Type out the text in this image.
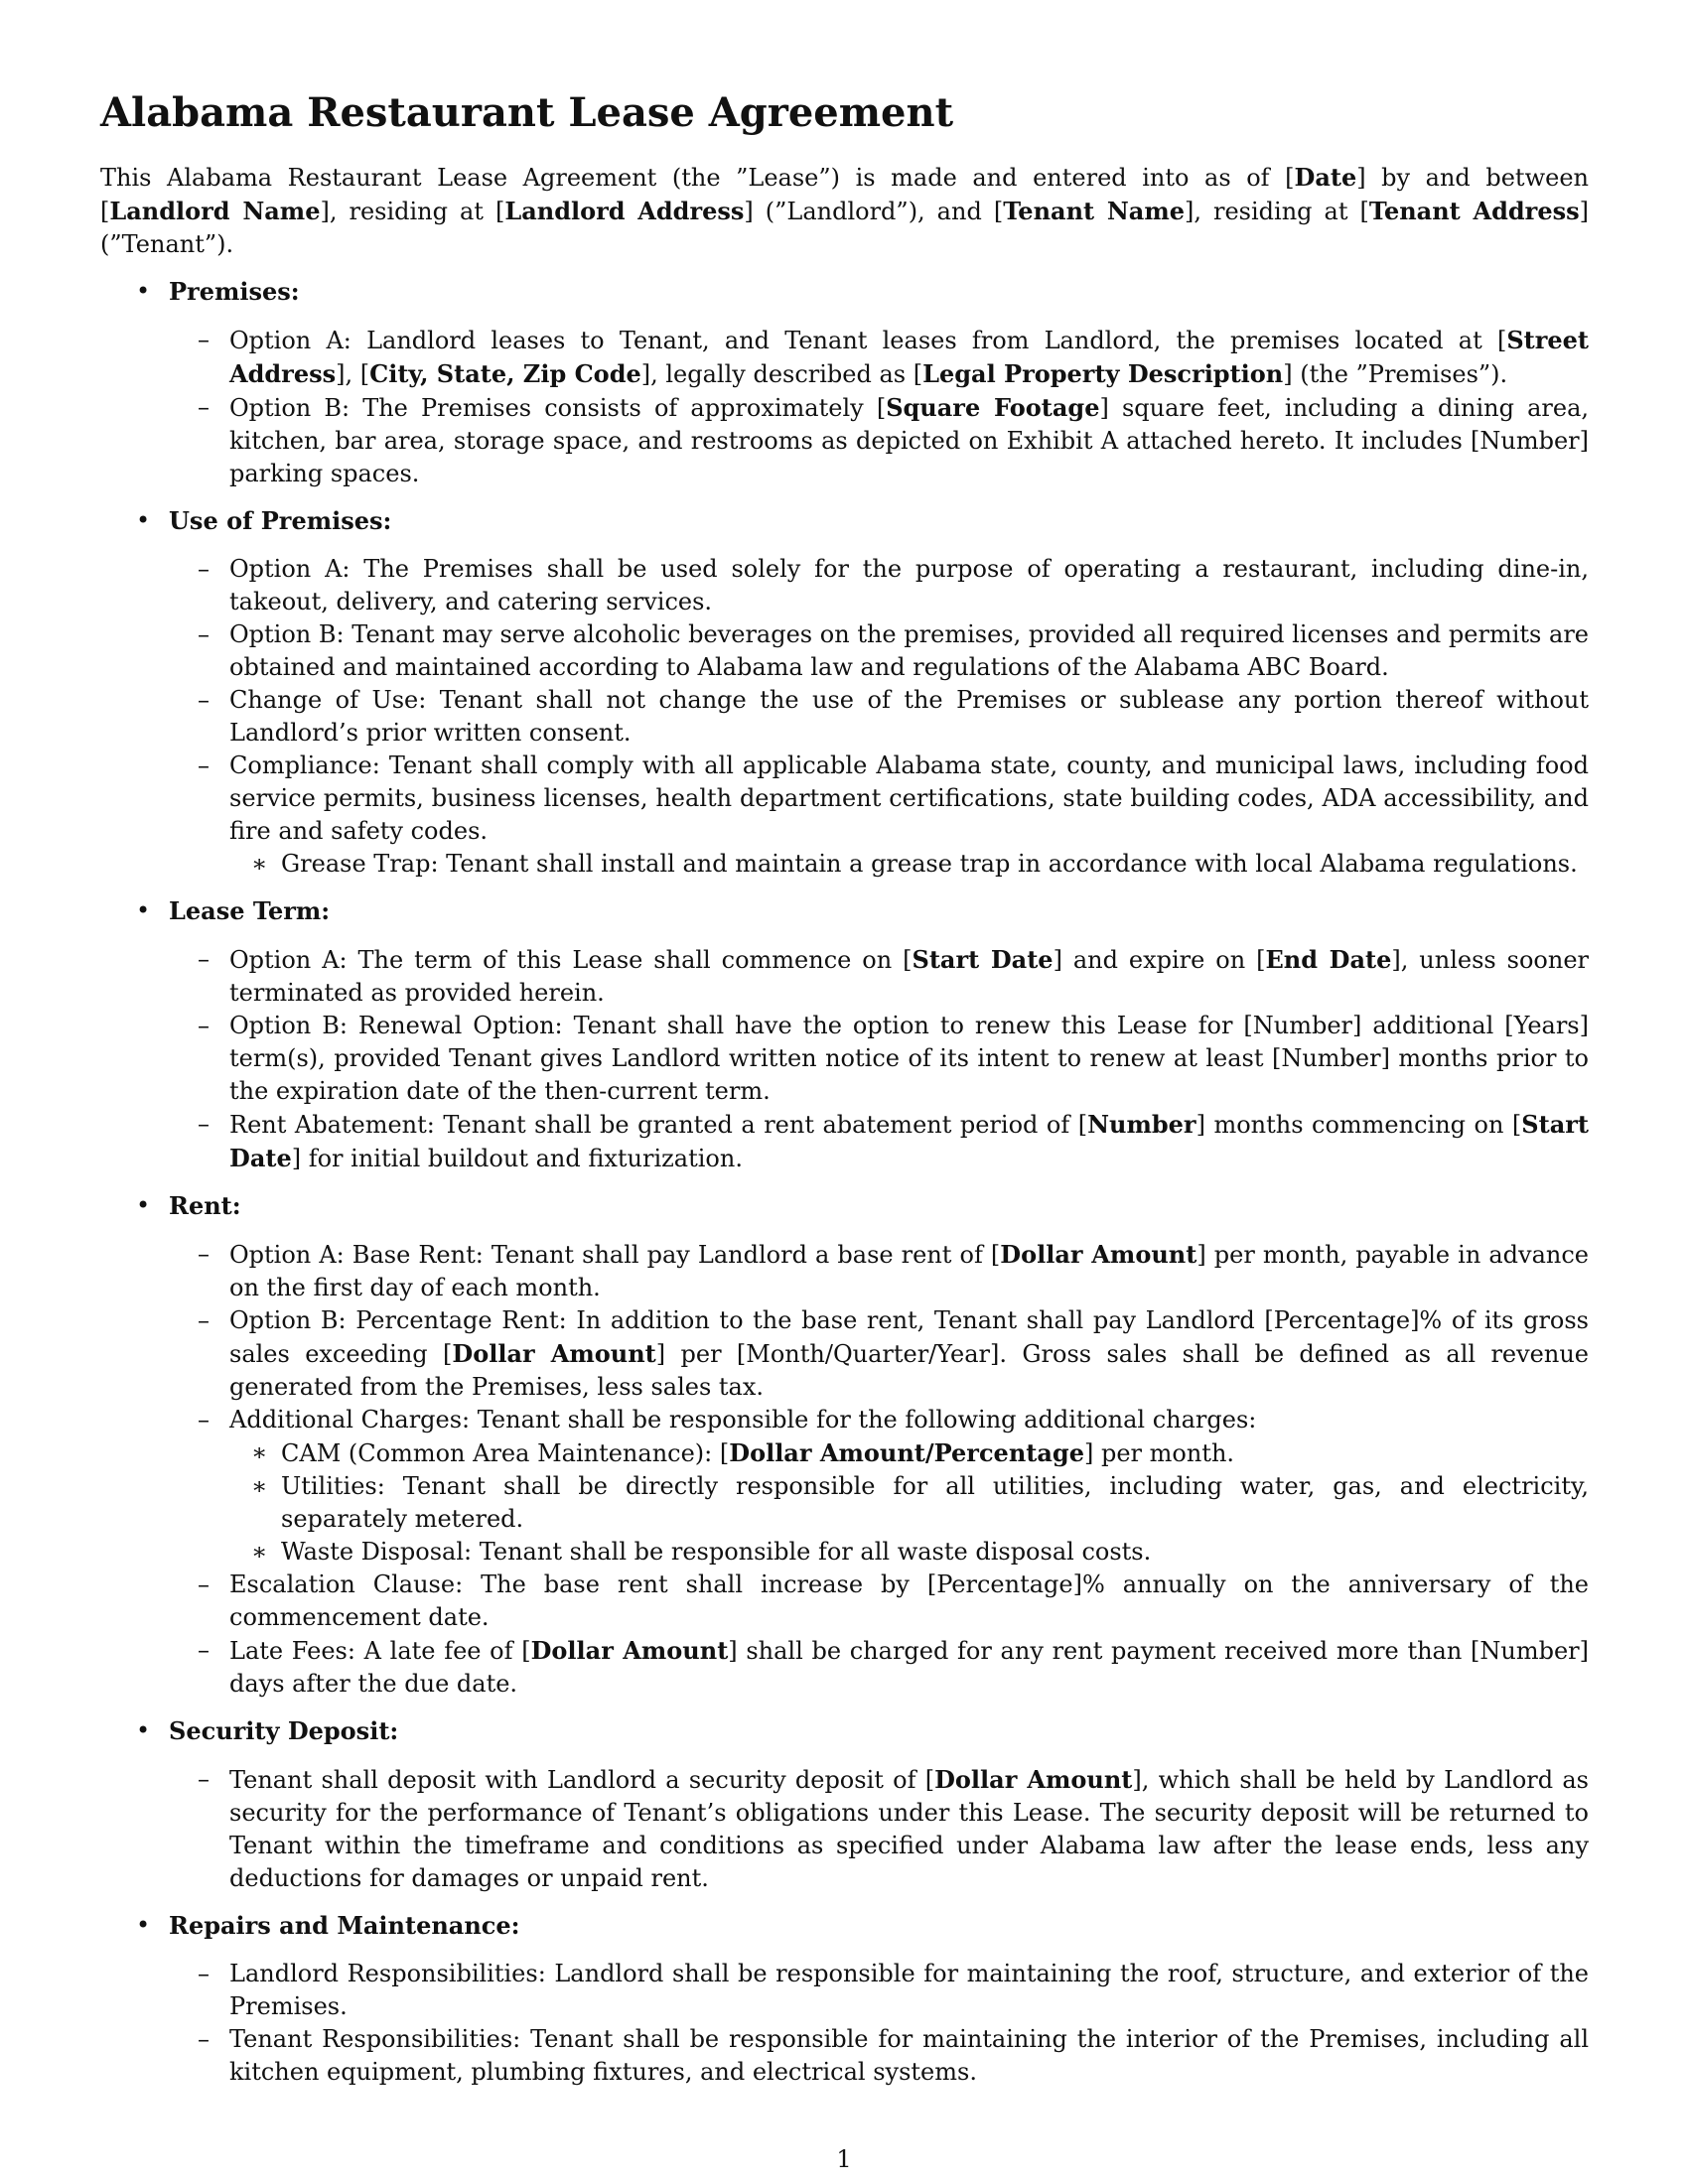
Alabama Restaurant Lease Agreement

This Alabama Restaurant Lease Agreement (the ”Lease”) is made and entered into as of [Date] by and between [Landlord Name], residing at [Landlord Address] (”Landlord”), and [Tenant Name], residing at [Tenant Address] (”Tenant”).

• Premises:
– Option A: Landlord leases to Tenant, and Tenant leases from Landlord, the premises located at [Street Address], [City, State, Zip Code], legally described as [Legal Property Description] (the ”Premises”).
– Option B: The Premises consists of approximately [Square Footage] square feet, including a dining area, kitchen, bar area, storage space, and restrooms as depicted on Exhibit A attached hereto. It includes [Number] parking spaces.
• Use of Premises:
– Option A: The Premises shall be used solely for the purpose of operating a restaurant, including dine-in, takeout, delivery, and catering services.
– Option B: Tenant may serve alcoholic beverages on the premises, provided all required licenses and permits are obtained and maintained according to Alabama law and regulations of the Alabama ABC Board.
– Change of Use: Tenant shall not change the use of the Premises or sublease any portion thereof without Landlord’s prior written consent.
– Compliance: Tenant shall comply with all applicable Alabama state, county, and municipal laws, including food service permits, business licenses, health department certifications, state building codes, ADA accessibility, and fire and safety codes.
∗ Grease Trap: Tenant shall install and maintain a grease trap in accordance with local Alabama regulations.
• Lease Term:
– Option A: The term of this Lease shall commence on [Start Date] and expire on [End Date], unless sooner terminated as provided herein.
– Option B: Renewal Option: Tenant shall have the option to renew this Lease for [Number] additional [Years] term(s), provided Tenant gives Landlord written notice of its intent to renew at least [Number] months prior to the expiration date of the then-current term.
– Rent Abatement: Tenant shall be granted a rent abatement period of [Number] months commencing on [Start Date] for initial buildout and fixturization.
• Rent:
– Option A: Base Rent: Tenant shall pay Landlord a base rent of [Dollar Amount] per month, payable in advance on the first day of each month.
– Option B: Percentage Rent: In addition to the base rent, Tenant shall pay Landlord [Percentage]% of its gross sales exceeding [Dollar Amount] per [Month/Quarter/Year]. Gross sales shall be defined as all revenue generated from the Premises, less sales tax.
– Additional Charges: Tenant shall be responsible for the following additional charges:
∗ CAM (Common Area Maintenance): [Dollar Amount/Percentage] per month.
∗ Utilities: Tenant shall be directly responsible for all utilities, including water, gas, and electricity, separately metered.
∗ Waste Disposal: Tenant shall be responsible for all waste disposal costs.
– Escalation Clause: The base rent shall increase by [Percentage]% annually on the anniversary of the commencement date.
– Late Fees: A late fee of [Dollar Amount] shall be charged for any rent payment received more than [Number] days after the due date.
• Security Deposit:
– Tenant shall deposit with Landlord a security deposit of [Dollar Amount], which shall be held by Landlord as security for the performance of Tenant’s obligations under this Lease. The security deposit will be returned to Tenant within the timeframe and conditions as specified under Alabama law after the lease ends, less any deductions for damages or unpaid rent.
• Repairs and Maintenance:
– Landlord Responsibilities: Landlord shall be responsible for maintaining the roof, structure, and exterior of the Premises.
– Tenant Responsibilities: Tenant shall be responsible for maintaining the interior of the Premises, including all kitchen equipment, plumbing fixtures, and electrical systems.
1
